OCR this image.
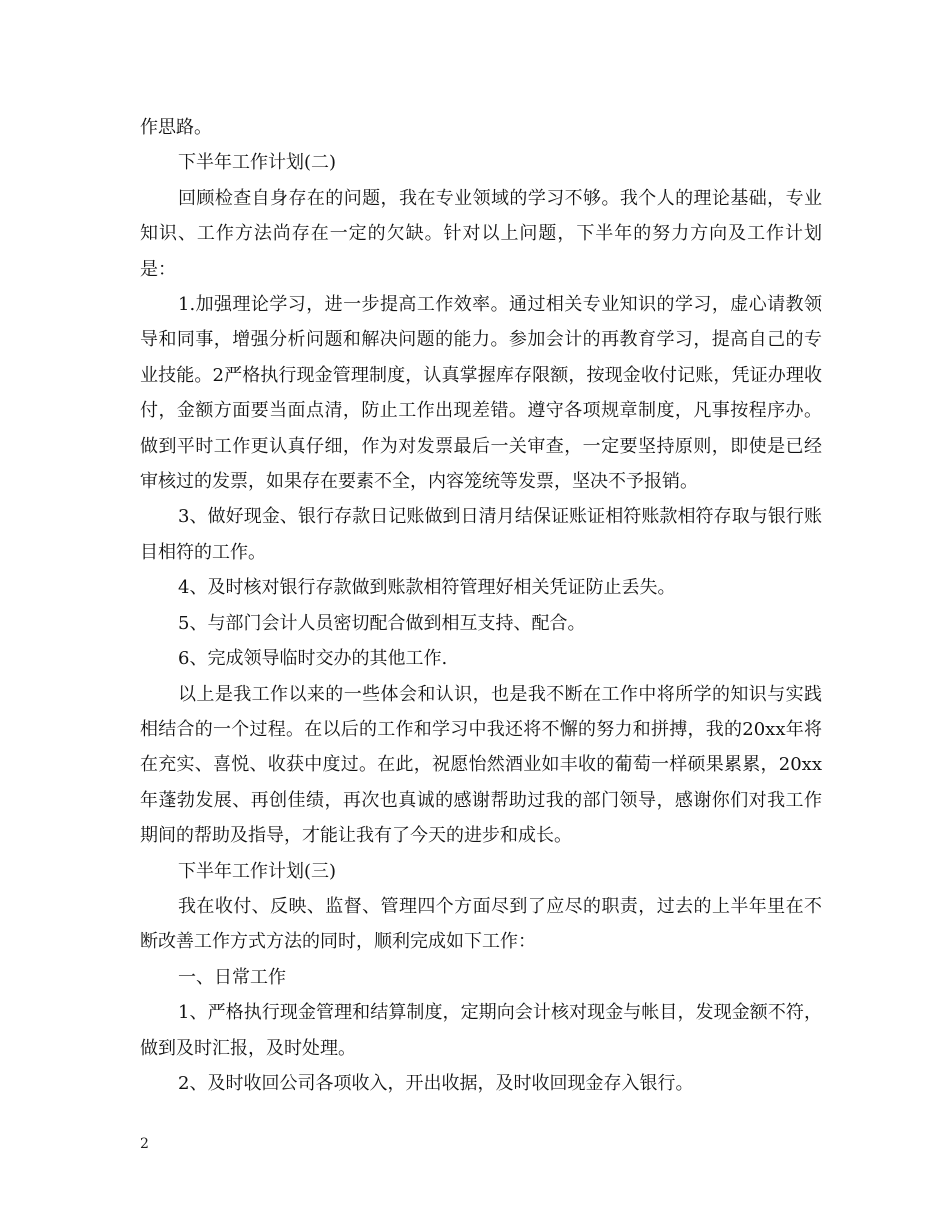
作思路。

下半年工作计划(二)

回顾检查自身存在的问题，我在专业领域的学习不够。我个人的理论基础，专业知识、工作方法尚存在一定的欠缺。针对以上问题，下半年的努力方向及工作计划是：

1.加强理论学习，进一步提高工作效率。通过相关专业知识的学习，虚心请教领导和同事，增强分析问题和解决问题的能力。参加会计的再教育学习，提高自己的专业技能。2严格执行现金管理制度，认真掌握库存限额，按现金收付记账，凭证办理收付，金额方面要当面点清，防止工作出现差错。遵守各项规章制度，凡事按程序办。做到平时工作更认真仔细，作为对发票最后一关审查，一定要坚持原则，即使是已经审核过的发票，如果存在要素不全，内容笼统等发票，坚决不予报销。

3、做好现金、银行存款日记账做到日清月结保证账证相符账款相符存取与银行账目相符的工作。

4、及时核对银行存款做到账款相符管理好相关凭证防止丢失。

5、与部门会计人员密切配合做到相互支持、配合。

6、完成领导临时交办的其他工作.

以上是我工作以来的一些体会和认识，也是我不断在工作中将所学的知识与实践相结合的一个过程。在以后的工作和学习中我还将不懈的努力和拼搏，我的20xx年将在充实、喜悦、收获中度过。在此，祝愿怡然酒业如丰收的葡萄一样硕果累累，20xx年蓬勃发展、再创佳绩，再次也真诚的感谢帮助过我的部门领导，感谢你们对我工作期间的帮助及指导，才能让我有了今天的进步和成长。

下半年工作计划(三)

我在收付、反映、监督、管理四个方面尽到了应尽的职责，过去的上半年里在不断改善工作方式方法的同时，顺利完成如下工作：

一、日常工作

1、严格执行现金管理和结算制度，定期向会计核对现金与帐目，发现金额不符，做到及时汇报，及时处理。

2、及时收回公司各项收入，开出收据，及时收回现金存入银行。

2
